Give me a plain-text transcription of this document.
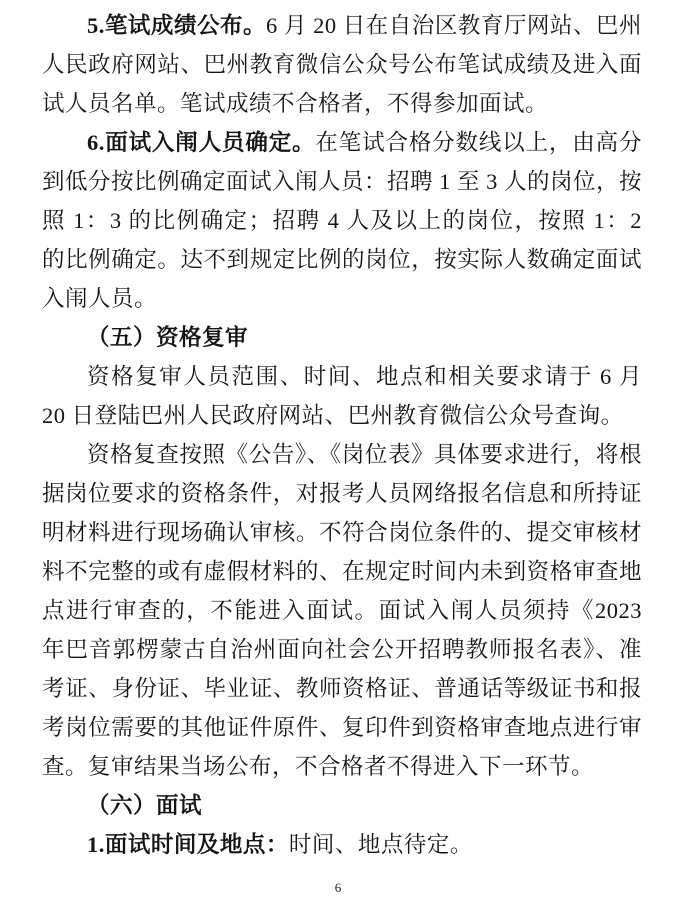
5.笔试成绩公布。6 月 20 日在自治区教育厅网站、巴州人民政府网站、巴州教育微信公众号公布笔试成绩及进入面试人员名单。笔试成绩不合格者，不得参加面试。

6.面试入闱人员确定。在笔试合格分数线以上，由高分到低分按比例确定面试入闱人员：招聘 1 至 3 人的岗位，按照 1：3 的比例确定；招聘 4 人及以上的岗位，按照 1：2 的比例确定。达不到规定比例的岗位，按实际人数确定面试入闱人员。

（五）资格复审

资格复审人员范围、时间、地点和相关要求请于 6 月 20 日登陆巴州人民政府网站、巴州教育微信公众号查询。

资格复查按照《公告》、《岗位表》具体要求进行，将根据岗位要求的资格条件，对报考人员网络报名信息和所持证明材料进行现场确认审核。不符合岗位条件的、提交审核材料不完整的或有虚假材料的、在规定时间内未到资格审查地点进行审查的，不能进入面试。面试入闱人员须持《2023 年巴音郭楞蒙古自治州面向社会公开招聘教师报名表》、准考证、身份证、毕业证、教师资格证、普通话等级证书和报考岗位需要的其他证件原件、复印件到资格审查地点进行审查。复审结果当场公布，不合格者不得进入下一环节。

（六）面试

1.面试时间及地点：时间、地点待定。

6
